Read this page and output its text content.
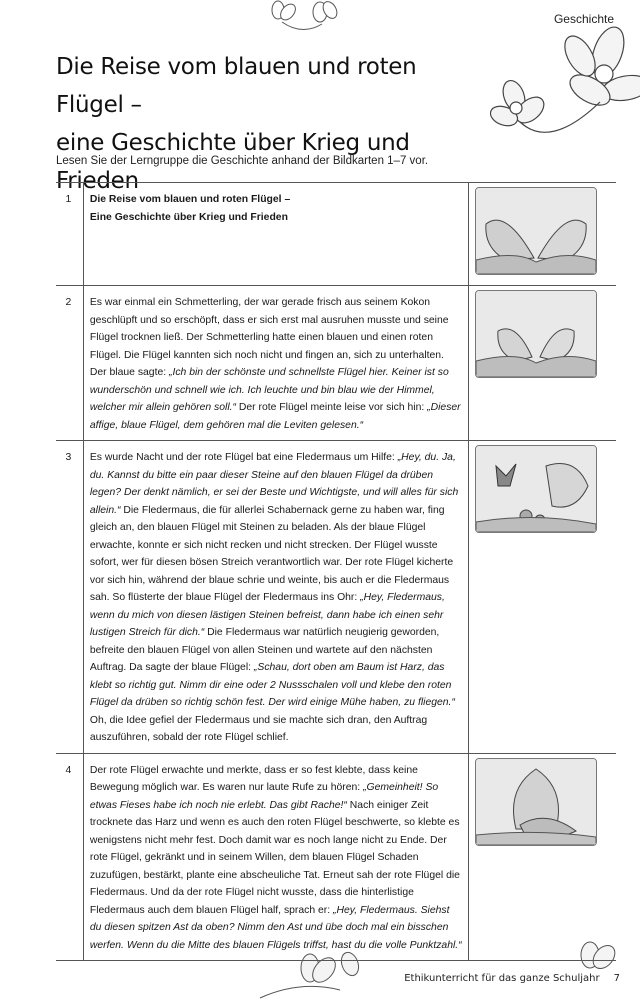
Geschichte
Die Reise vom blauen und roten Flügel –
eine Geschichte über Krieg und Frieden
Lesen Sie der Lerngruppe die Geschichte anhand der Bildkarten 1–7 vor.
1	Die Reise vom blauen und roten Flügel –
Eine Geschichte über Krieg und Frieden

2	Es war einmal ein Schmetterling, der war gerade frisch aus seinem Kokon geschlüpft und so erschöpft, dass er sich erst mal ausruhen musste und seine Flügel trocknen ließ. Der Schmetterling hatte einen blauen und einen roten Flügel. Die Flügel kannten sich noch nicht und fingen an, sich zu unterhalten. Der blaue sagte: „Ich bin der schönste und schnellste Flügel hier. Keiner ist so wunderschön und schnell wie ich. Ich leuchte und bin blau wie der Himmel, welcher mir allein gehören soll.“ Der rote Flügel meinte leise vor sich hin: „Dieser affige, blaue Flügel, dem gehören mal die Leviten gelesen.“	

3	Es wurde Nacht und der rote Flügel bat eine Fledermaus um Hilfe: „Hey, du. Ja, du. Kannst du bitte ein paar dieser Steine auf den blauen Flügel da drüben legen? Der denkt nämlich, er sei der Beste und Wichtigste, und will alles für sich allein.“ Die Fledermaus, die für allerlei Schabernack gerne zu haben war, fing gleich an, den blauen Flügel mit Steinen zu beladen. Als der blaue Flügel erwachte, konnte er sich nicht recken und nicht strecken. Der Flügel wusste sofort, wer für diesen bösen Streich verantwortlich war. Der rote Flügel kicherte vor sich hin, während der blaue schrie und weinte, bis auch er die Fledermaus sah. So flüsterte der blaue Flügel der Fledermaus ins Ohr: „Hey, Fledermaus, wenn du mich von diesen lästigen Steinen befreist, dann habe ich einen sehr lustigen Streich für dich.“ Die Fledermaus war natürlich neugierig geworden, befreite den blauen Flügel von allen Steinen und wartete auf den nächsten Auftrag. Da sagte der blaue Flügel: „Schau, dort oben am Baum ist Harz, das klebt so richtig gut. Nimm dir eine oder 2 Nussschalen voll und klebe den roten Flügel da drüben so richtig schön fest. Der wird einige Mühe haben, zu fliegen.“ Oh, die Idee gefiel der Fledermaus und sie machte sich dran, den Auftrag auszuführen, sobald der rote Flügel schlief.	

4	Der rote Flügel erwachte und merkte, dass er so fest klebte, dass keine Bewegung möglich war. Es waren nur laute Rufe zu hören: „Gemeinheit! So etwas Fieses habe ich noch nie erlebt. Das gibt Rache!“ Nach einiger Zeit trocknete das Harz und wenn es auch den roten Flügel beschwerte, so klebte es wenigstens nicht mehr fest. Doch damit war es noch lange nicht zu Ende. Der rote Flügel, gekränkt und in seinem Willen, dem blauen Flügel Schaden zuzufügen, bestärkt, plante eine abscheuliche Tat. Erneut sah der rote Flügel die Fledermaus. Und da der rote Flügel nicht wusste, dass die hinterlistige Fledermaus auch dem blauen Flügel half, sprach er: „Hey, Fledermaus. Siehst du diesen spitzen Ast da oben? Nimm den Ast und übe doch mal ein bisschen werfen. Wenn du die Mitte des blauen Flügels triffst, hast du die volle Punktzahl.“	
Ethikunterricht für das ganze Schuljahr 7
